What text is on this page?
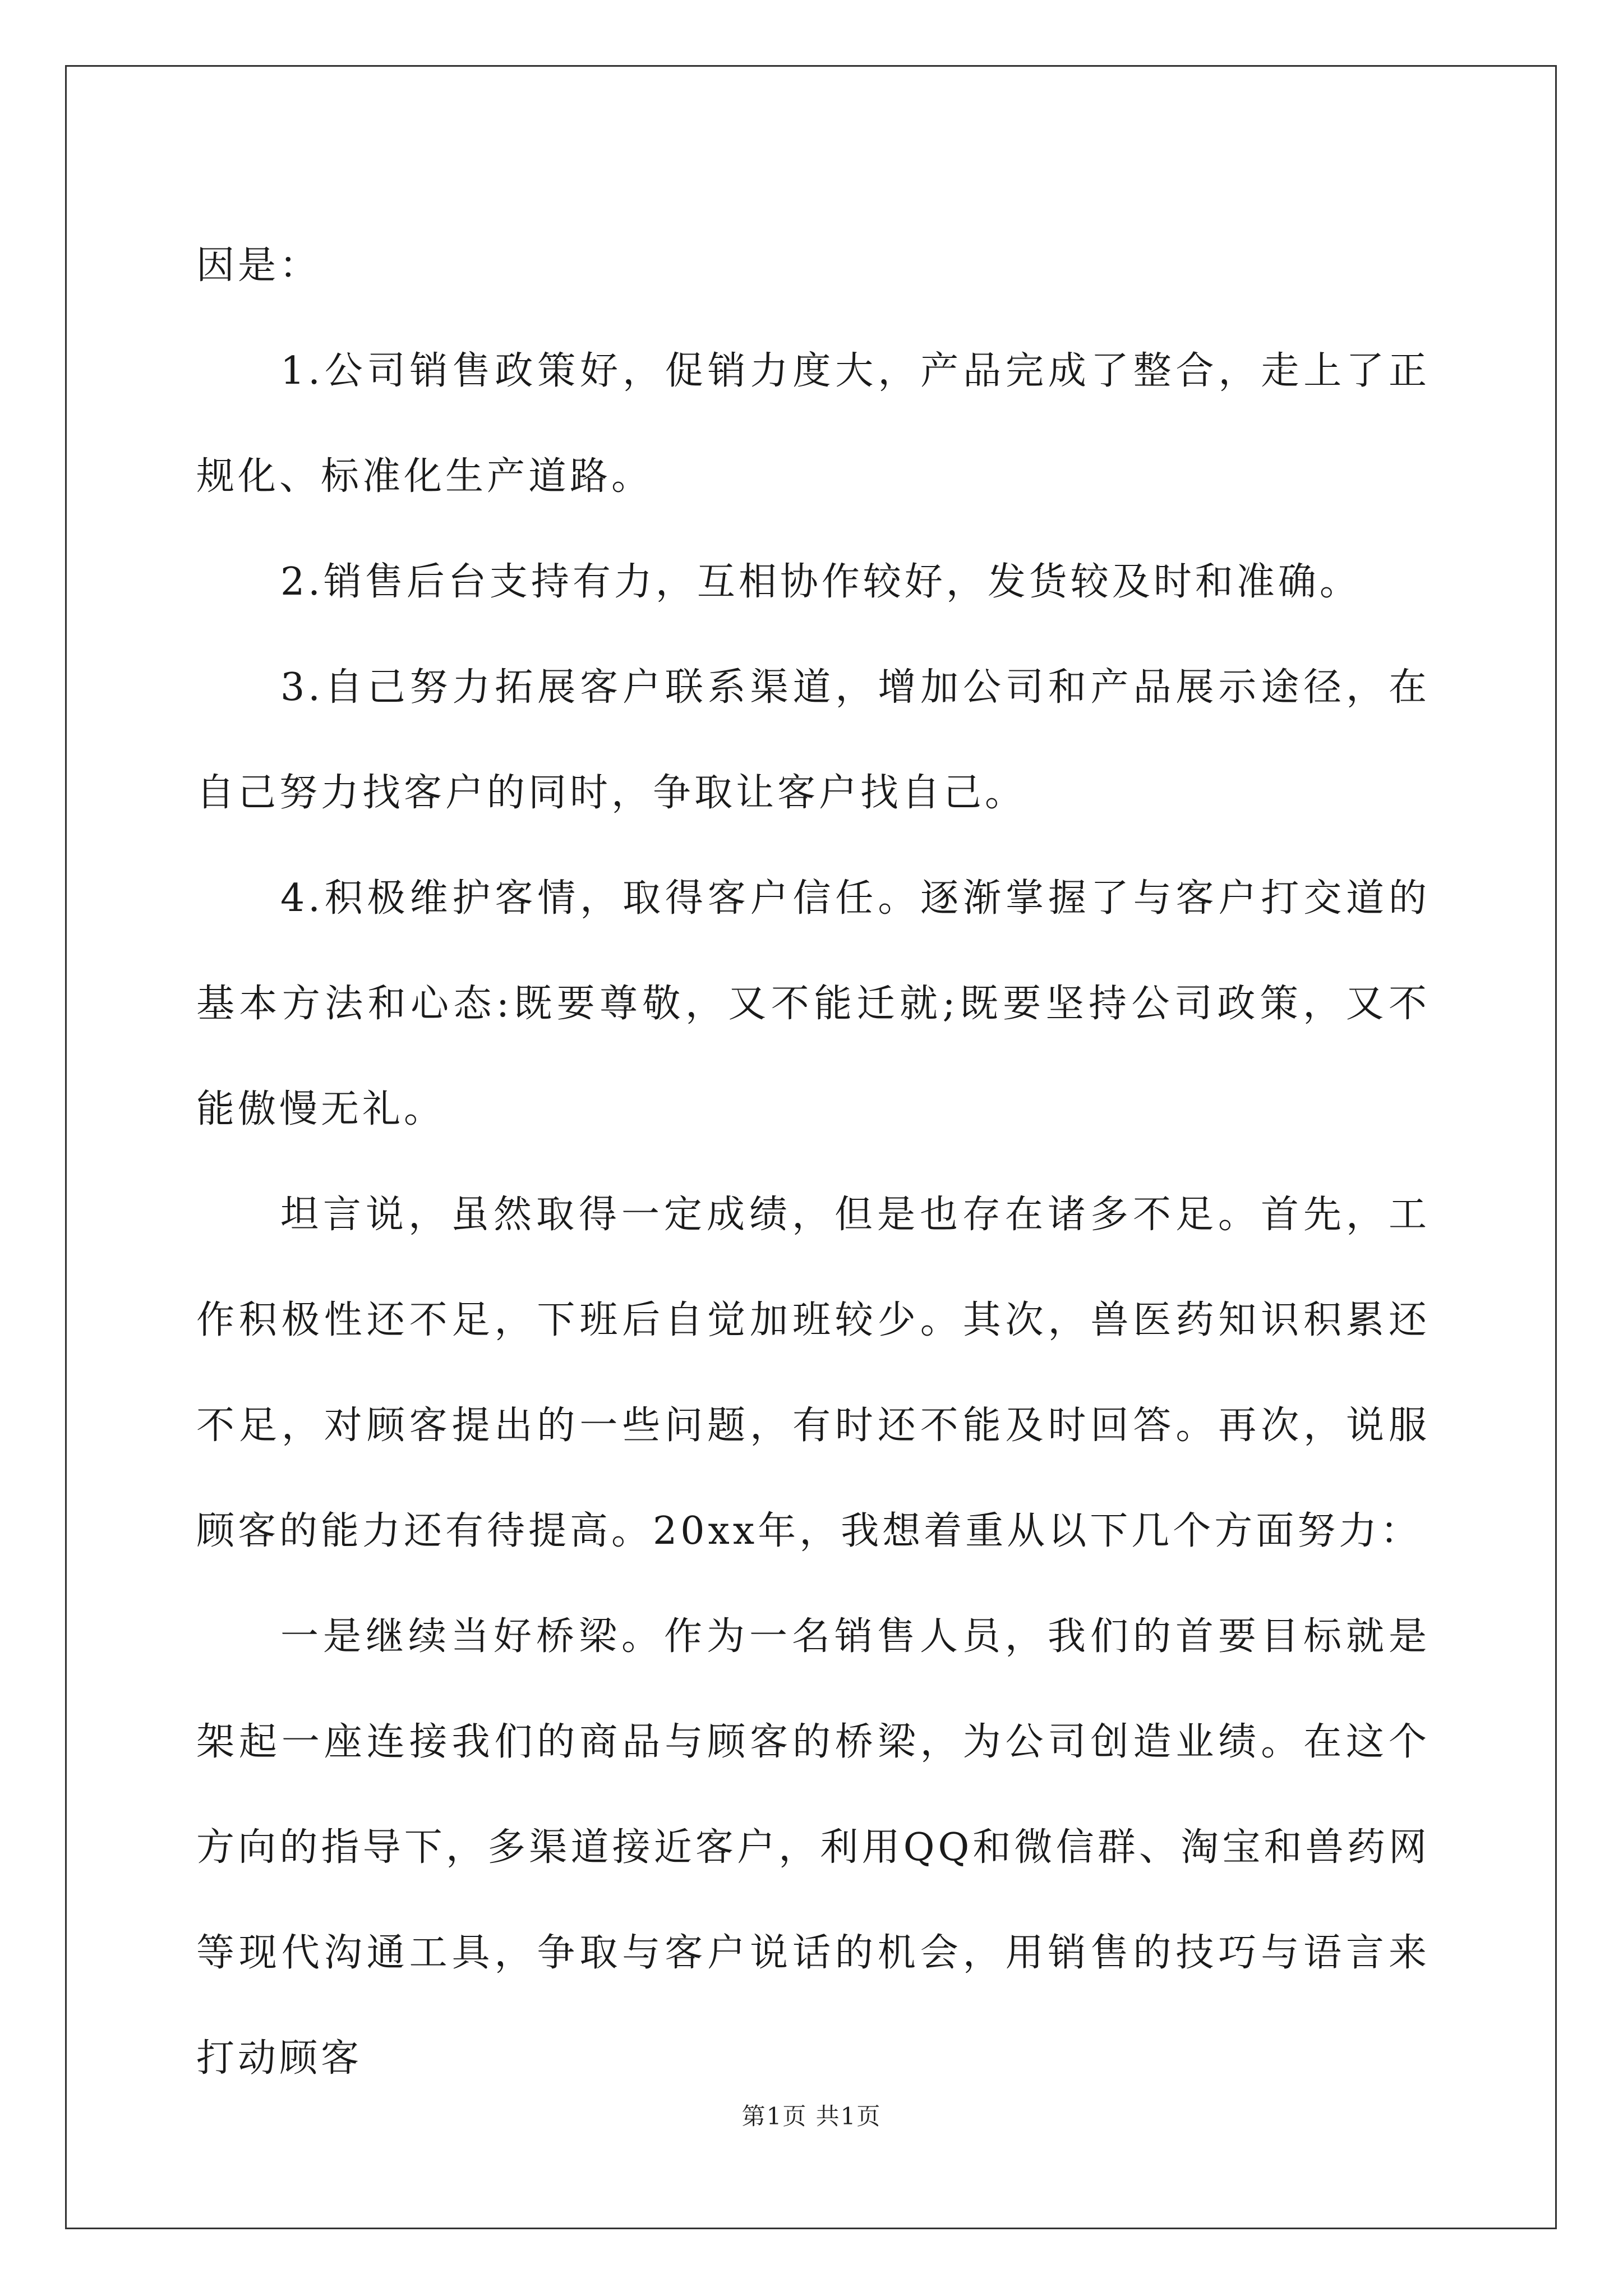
因是：

1.公司销售政策好，促销力度大，产品完成了整合，走上了正规化、标准化生产道路。

2.销售后台支持有力，互相协作较好，发货较及时和准确。

3.自己努力拓展客户联系渠道，增加公司和产品展示途径，在自己努力找客户的同时，争取让客户找自己。

4.积极维护客情，取得客户信任。逐渐掌握了与客户打交道的基本方法和心态:既要尊敬，又不能迁就;既要坚持公司政策，又不能傲慢无礼。

坦言说，虽然取得一定成绩，但是也存在诸多不足。首先，工作积极性还不足，下班后自觉加班较少。其次，兽医药知识积累还不足，对顾客提出的一些问题，有时还不能及时回答。再次，说服顾客的能力还有待提高。20xx年，我想着重从以下几个方面努力：

一是继续当好桥梁。作为一名销售人员，我们的首要目标就是架起一座连接我们的商品与顾客的桥梁，为公司创造业绩。在这个方向的指导下，多渠道接近客户，利用QQ和微信群、淘宝和兽药网等现代沟通工具，争取与客户说话的机会，用销售的技巧与语言来打动顾客

第1页 共1页
